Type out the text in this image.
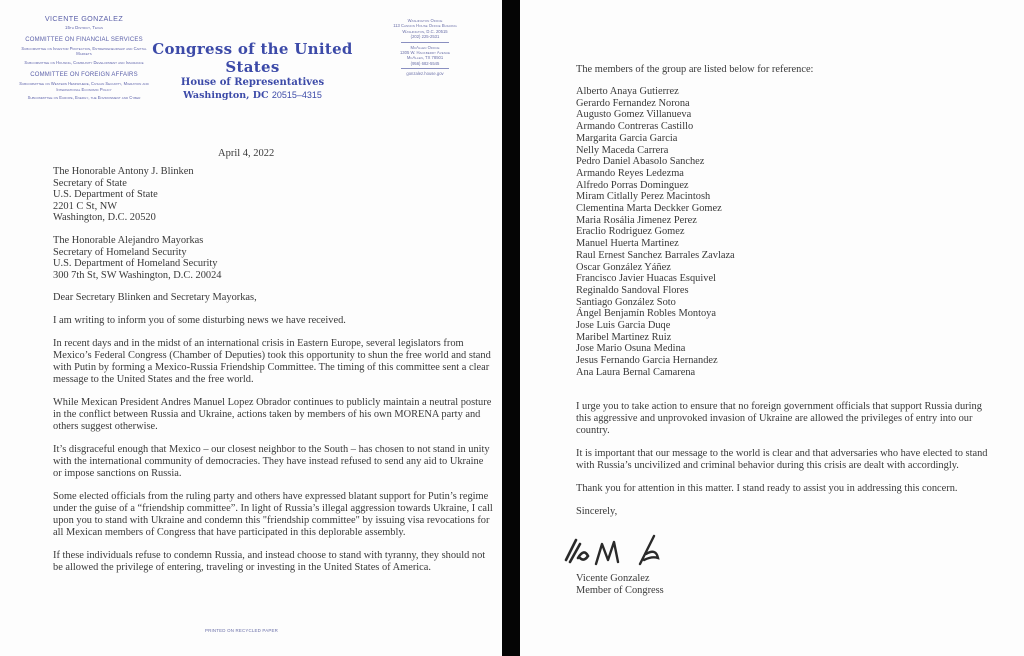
VICENTE GONZALEZ
15th District, Texas
COMMITTEE ON FINANCIAL SERVICES
Subcommittee on Investor Protection, Entrepreneurship and Capital Markets
Subcommittee on Housing, Community Development and Insurance
COMMITTEE ON FOREIGN AFFAIRS
Subcommittee on Western Hemisphere, Civilian Security, Migration and International Economic Policy
Subcommittee on Europe, Energy, the Environment and Cyber
Congress of the United States
House of Representatives
Washington, DC 20515–4315
Washington Office
113 Cannon House Office Building
Washington, D.C. 20515
(202) 225-2531
McAllen Office
1305 W. Hackberry Avenue
McAllen, TX 78501
(956) 682-5545
gonzalez.house.gov
April 4, 2022
The Honorable Antony J. Blinken
Secretary of State
U.S. Department of State
2201 C St, NW
Washington, D.C. 20520
The Honorable Alejandro Mayorkas
Secretary of Homeland Security
U.S. Department of Homeland Security
300 7th St, SW Washington, D.C. 20024

Dear Secretary Blinken and Secretary Mayorkas,

I am writing to inform you of some disturbing news we have received.

In recent days and in the midst of an international crisis in Eastern Europe, several legislators from Mexico’s Federal Congress (Chamber of Deputies) took this opportunity to shun the free world and stand with Putin by forming a Mexico-Russia Friendship Committee. The timing of this committee sent a clear message to the United States and the free world.

While Mexican President Andres Manuel Lopez Obrador continues to publicly maintain a neutral posture in the conflict between Russia and Ukraine, actions taken by members of his own MORENA party and others suggest otherwise.

It’s disgraceful enough that Mexico – our closest neighbor to the South – has chosen to not stand in unity with the international community of democracies. They have instead refused to send any aid to Ukraine or impose sanctions on Russia.

Some elected officials from the ruling party and others have expressed blatant support for Putin’s regime under the guise of a “friendship committee”. In light of Russia’s illegal aggression towards Ukraine, I call upon you to stand with Ukraine and condemn this "friendship committee" by issuing visa revocations for all Mexican members of Congress that have participated in this deplorable assembly.

If these individuals refuse to condemn Russia, and instead choose to stand with tyranny, they should not be allowed the privilege of entering, traveling or investing in the United States of America.

PRINTED ON RECYCLED PAPER

The members of the group are listed below for reference:

Alberto Anaya Gutierrez
Gerardo Fernandez Norona
Augusto Gomez Villanueva
Armando Contreras Castillo
Margarita Garcia Garcia
Nelly Maceda Carrera
Pedro Daniel Abasolo Sanchez
Armando Reyes Ledezma
Alfredo Porras Dominguez
Miram Citlally Perez Macintosh
Clementina Marta Deckker Gomez
Maria Rosália Jimenez Perez
Eraclio Rodriguez Gomez
Manuel Huerta Martinez
Raul Ernest Sanchez Barrales Zavlaza
Oscar González Yáñez
Francisco Javier Huacas Esquivel
Reginaldo Sandoval Flores
Santiago González Soto
Ángel Benjamín Robles Montoya
Jose Luis Garcia Duqe
Maribel Martinez Ruiz
Jose Mario Osuna Medina
Jesus Fernando Garcia Hernandez
Ana Laura Bernal Camarena

I urge you to take action to ensure that no foreign government officials that support Russia during this aggressive and unprovoked invasion of Ukraine are allowed the privileges of entry into our country.

It is important that our message to the world is clear and that adversaries who have elected to stand with Russia’s uncivilized and criminal behavior during this crisis are dealt with accordingly.

Thank you for attention in this matter. I stand ready to assist you in addressing this concern.

Sincerely,

Vicente Gonzalez
Member of Congress
